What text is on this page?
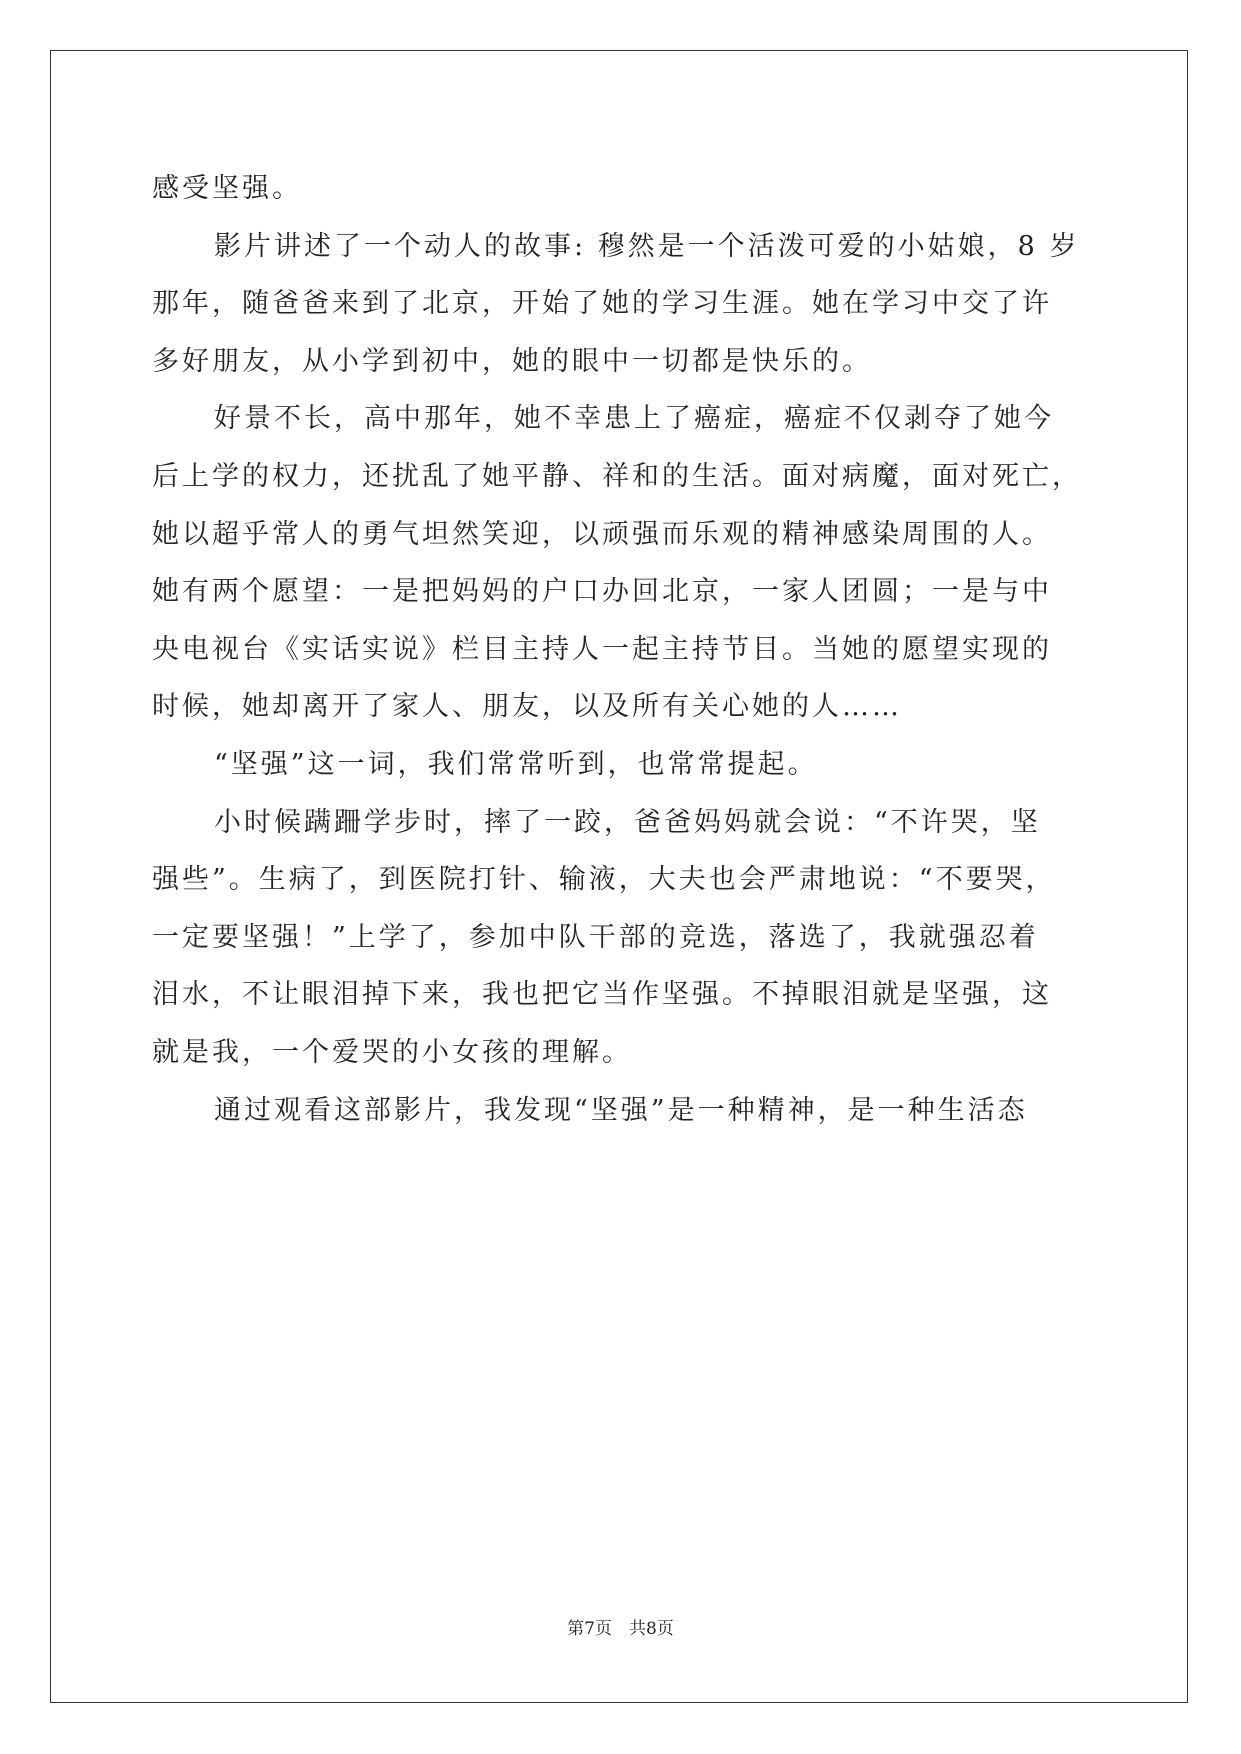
感受坚强。
影片讲述了一个动人的故事: 穆然是一个活泼可爱的小姑娘，8 岁
那年，随爸爸来到了北京，开始了她的学习生涯。她在学习中交了许
多好朋友，从小学到初中，她的眼中一切都是快乐的。
好景不长，高中那年，她不幸患上了癌症，癌症不仅剥夺了她今
后上学的权力，还扰乱了她平静、祥和的生活。面对病魔，面对死亡，
她以超乎常人的勇气坦然笑迎，以顽强而乐观的精神感染周围的人。
她有两个愿望：一是把妈妈的户口办回北京，一家人团圆；一是与中
央电视台《实话实说》栏目主持人一起主持节目。当她的愿望实现的
时候，她却离开了家人、朋友，以及所有关心她的人……
“坚强”这一词，我们常常听到，也常常提起。
小时候蹒跚学步时，摔了一跤，爸爸妈妈就会说：“不许哭，坚
强些”。生病了，到医院打针、输液，大夫也会严肃地说：“不要哭，
一定要坚强！”上学了，参加中队干部的竞选，落选了，我就强忍着
泪水，不让眼泪掉下来，我也把它当作坚强。不掉眼泪就是坚强，这
就是我，一个爱哭的小女孩的理解。
通过观看这部影片，我发现“坚强”是一种精神，是一种生活态
第7页　共8页
